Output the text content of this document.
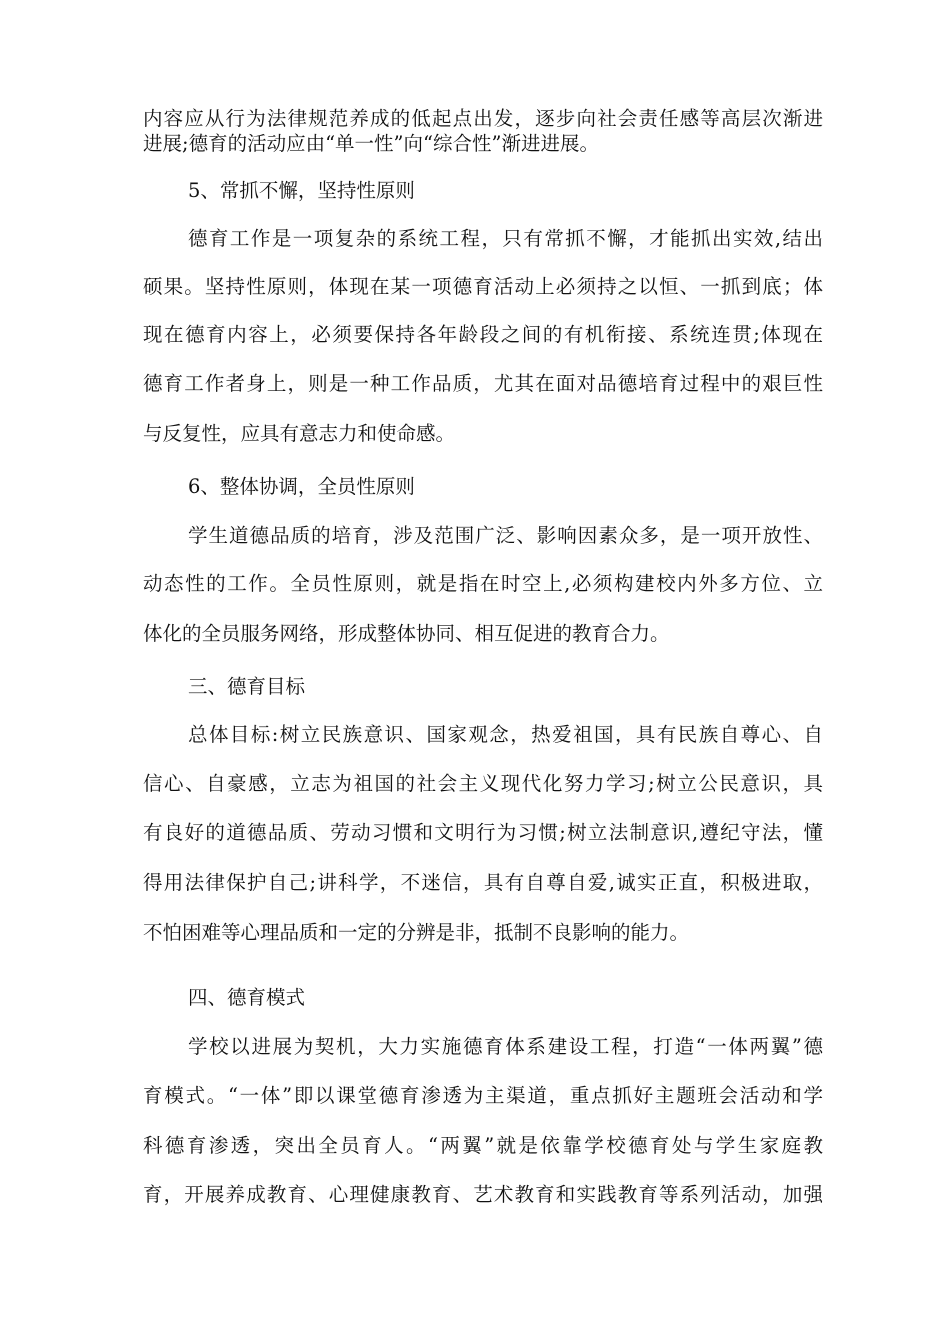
内容应从行为法律规范养成的低起点出发，逐步向社会责任感等高层次渐进
进展;德育的活动应由“单一性”向“综合性”渐进进展。
5、常抓不懈，坚持性原则
德育工作是一项复杂的系统工程，只有常抓不懈，才能抓出实效,结出
硕果。坚持性原则，体现在某一项德育活动上必须持之以恒、一抓到底；体
现在德育内容上，必须要保持各年龄段之间的有机衔接、系统连贯;体现在
德育工作者身上，则是一种工作品质，尤其在面对品德培育过程中的艰巨性
与反复性，应具有意志力和使命感。
6、整体协调，全员性原则
学生道德品质的培育，涉及范围广泛、影响因素众多，是一项开放性、
动态性的工作。全员性原则，就是指在时空上,必须构建校内外多方位、立
体化的全员服务网络，形成整体协同、相互促进的教育合力。
三、德育目标
总体目标:树立民族意识、国家观念，热爱祖国，具有民族自尊心、自
信心、自豪感，立志为祖国的社会主义现代化努力学习;树立公民意识，具
有良好的道德品质、劳动习惯和文明行为习惯;树立法制意识,遵纪守法，懂
得用法律保护自己;讲科学，不迷信，具有自尊自爱,诚实正直，积极进取，
不怕困难等心理品质和一定的分辨是非，抵制不良影响的能力。
四、德育模式
学校以进展为契机，大力实施德育体系建设工程，打造“一体两翼”德
育模式。“一体”即以课堂德育渗透为主渠道，重点抓好主题班会活动和学
科德育渗透，突出全员育人。“两翼”就是依靠学校德育处与学生家庭教
育，开展养成教育、心理健康教育、艺术教育和实践教育等系列活动，加强
